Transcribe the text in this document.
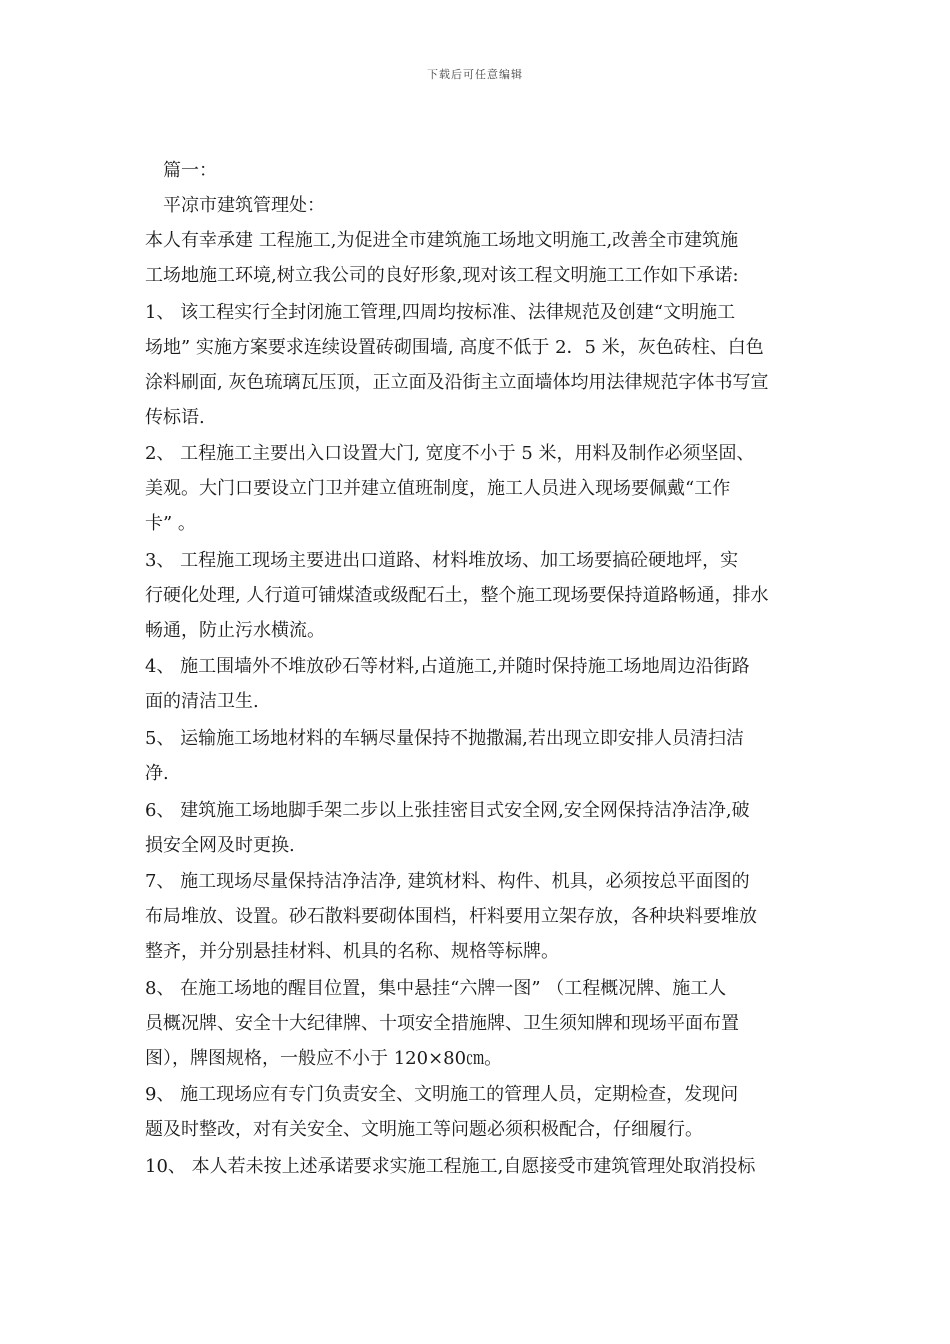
下载后可任意编辑

篇一：

平凉市建筑管理处：

本人有幸承建 工程施工,为促进全市建筑施工场地文明施工,改善全市建筑施

工场地施工环境,树立我公司的良好形象,现对该工程文明施工工作如下承诺:

1、 该工程实行全封闭施工管理,四周均按标准、法律规范及创建“文明施工

场地” 实施方案要求连续设置砖砌围墙, 高度不低于 2．5 米，灰色砖柱、白色

涂料刷面, 灰色琉璃瓦压顶，正立面及沿街主立面墙体均用法律规范字体书写宣

传标语.

2、 工程施工主要出入口设置大门, 宽度不小于 5 米，用料及制作必须坚固、

美观。大门口要设立门卫并建立值班制度，施工人员进入现场要佩戴“工作

卡” 。

3、 工程施工现场主要进出口道路、材料堆放场、加工场要搞砼硬地坪，实

行硬化处理, 人行道可铺煤渣或级配石土，整个施工现场要保持道路畅通，排水

畅通，防止污水横流。

4、 施工围墙外不堆放砂石等材料,占道施工,并随时保持施工场地周边沿街路

面的清洁卫生.

5、 运输施工场地材料的车辆尽量保持不抛撒漏,若出现立即安排人员清扫洁

净.

6、 建筑施工场地脚手架二步以上张挂密目式安全网,安全网保持洁净洁净,破

损安全网及时更换.

7、 施工现场尽量保持洁净洁净, 建筑材料、构件、机具，必须按总平面图的

布局堆放、设置。砂石散料要砌体围档，杆料要用立架存放，各种块料要堆放

整齐，并分别悬挂材料、机具的名称、规格等标牌。

8、 在施工场地的醒目位置，集中悬挂“六牌一图” （工程概况牌、施工人

员概况牌、安全十大纪律牌、十项安全措施牌、卫生须知牌和现场平面布置

图），牌图规格，一般应不小于 120×80㎝。

9、 施工现场应有专门负责安全、文明施工的管理人员，定期检查，发现问

题及时整改，对有关安全、文明施工等问题必须积极配合，仔细履行。

10、 本人若未按上述承诺要求实施工程施工,自愿接受市建筑管理处取消投标
